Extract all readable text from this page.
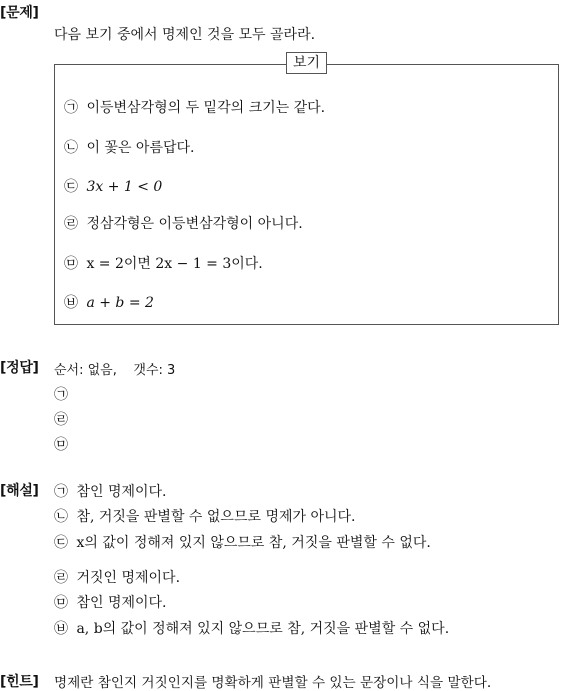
[문제]
다음 보기 중에서 명제인 것을 모두 골라라.
보기
㉠ 이등변삼각형의 두 밑각의 크기는 같다.
㉡ 이 꽃은 아름답다.
㉢ 3x + 1 < 0
㉣ 정삼각형은 이등변삼각형이 아니다.
㉤ x = 2이면 2x − 1 = 3이다.
㉥ a + b = 2
[정답] 순서: 없음,    갯수: 3
㉠
㉣
㉤
[해설] ㉠ 참인 명제이다.
㉡ 참, 거짓을 판별할 수 없으므로 명제가 아니다.
㉢ x의 값이 정해져 있지 않으므로 참, 거짓을 판별할 수 없다.
㉣ 거짓인 명제이다.
㉤ 참인 명제이다.
㉥ a, b의 값이 정해져 있지 않으므로 참, 거짓을 판별할 수 없다.
[힌트] 명제란 참인지 거짓인지를 명확하게 판별할 수 있는 문장이나 식을 말한다.
